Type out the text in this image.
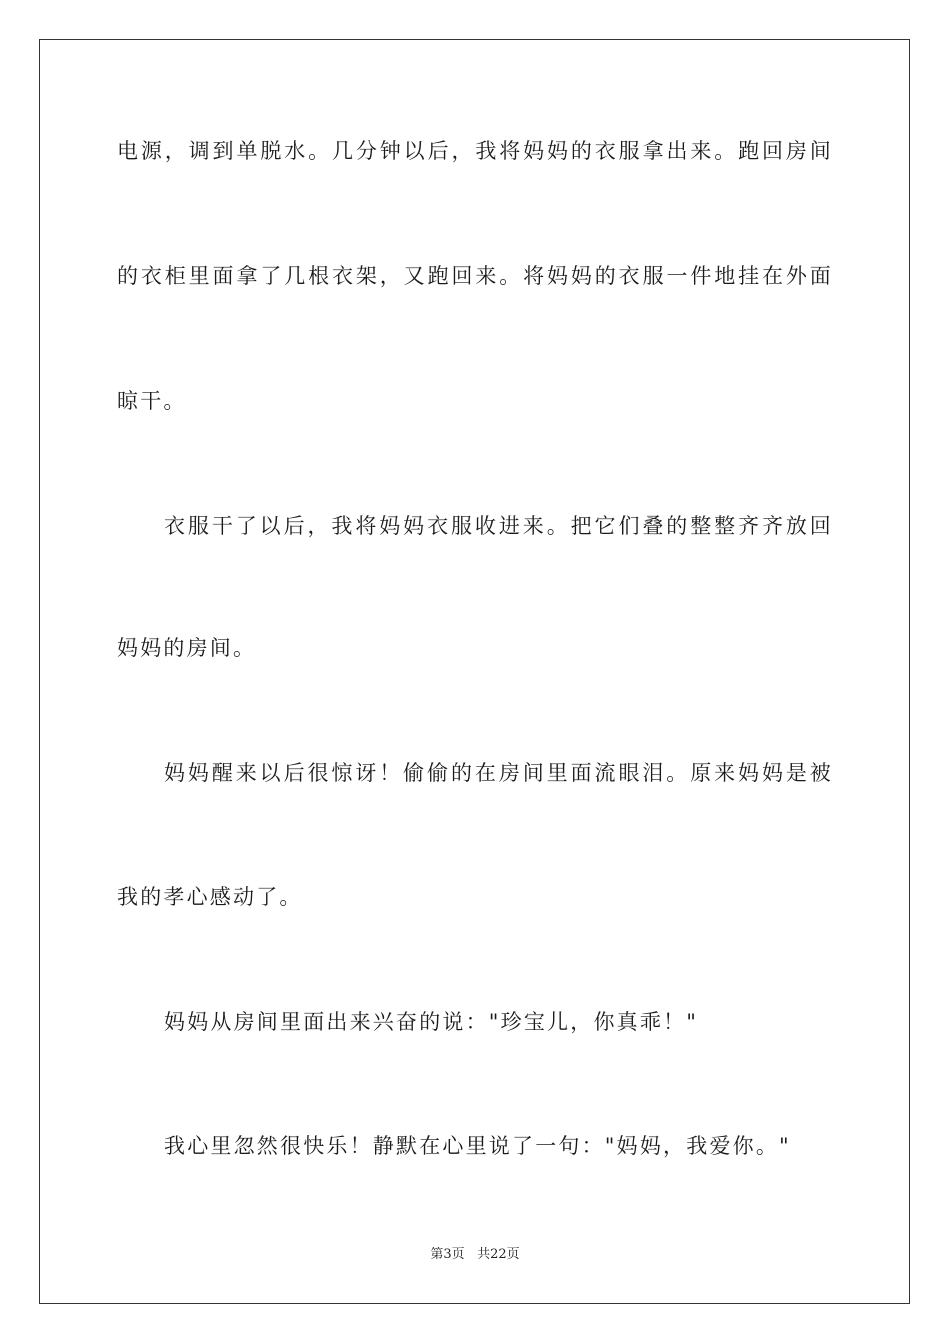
电源，调到单脱水。几分钟以后，我将妈妈的衣服拿出来。跑回房间
的衣柜里面拿了几根衣架，又跑回来。将妈妈的衣服一件地挂在外面
晾干。
衣服干了以后，我将妈妈衣服收进来。把它们叠的整整齐齐放回
妈妈的房间。
妈妈醒来以后很惊讶！偷偷的在房间里面流眼泪。原来妈妈是被
我的孝心感动了。
妈妈从房间里面出来兴奋的说："珍宝儿，你真乖！"
我心里忽然很快乐！静默在心里说了一句："妈妈，我爱你。"
第3页 共22页
